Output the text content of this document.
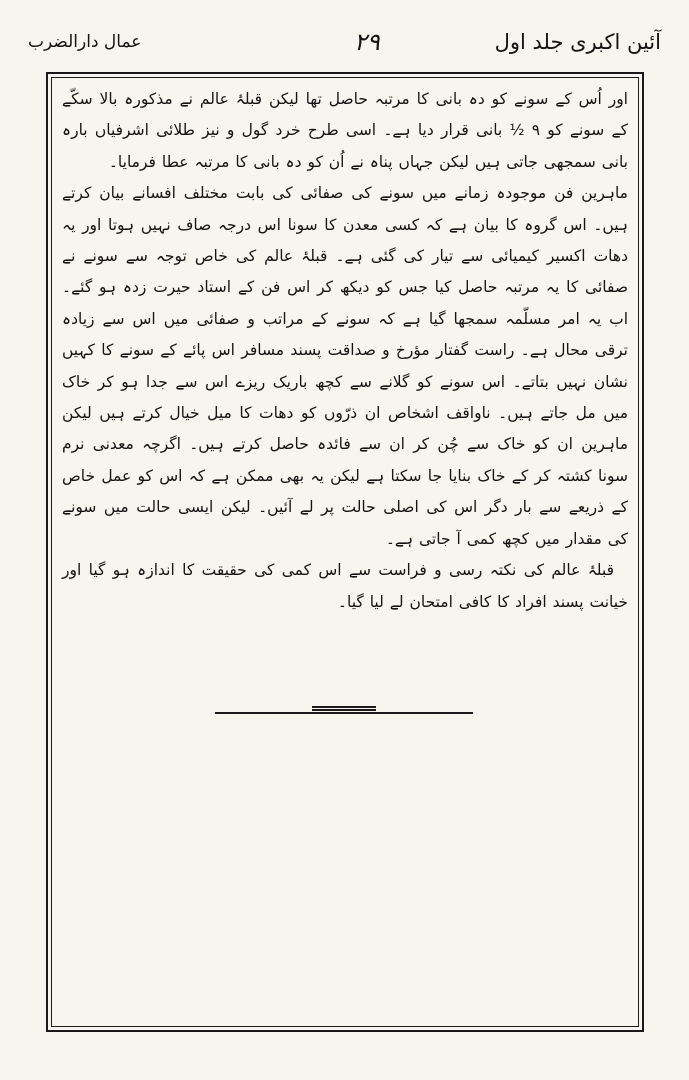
آئین اکبری جلد اول
۲۹
عمال دارالضرب

اور اُس کے سونے کو دہ بانی کا مرتبہ حاصل تھا لیکن قبلۂ عالم نے مذکورہ بالا سکّے کے سونے کو ۹ ½ بانی قرار دیا ہے۔ اسی طرح خرد گول و نیز طلائی اشرفیاں بارہ بانی سمجھی جاتی ہیں لیکن جہاں پناہ نے اُن کو دہ بانی کا مرتبہ عطا فرمایا۔

ماہرین فن موجودہ زمانے میں سونے کی صفائی کی بابت مختلف افسانے بیان کرتے ہیں۔ اس گروہ کا بیان ہے کہ کسی معدن کا سونا اس درجہ صاف نہیں ہوتا اور یہ دھات اکسیر کیمیائی سے تیار کی گئی ہے۔ قبلۂ عالم کی خاص توجہ سے سونے نے صفائی کا یہ مرتبہ حاصل کیا جس کو دیکھ کر اس فن کے استاد حیرت زدہ ہو گئے۔ اب یہ امر مسلّمہ سمجھا گیا ہے کہ سونے کے مراتب و صفائی میں اس سے زیادہ ترقی محال ہے۔ راست گفتار مؤرخ و صداقت پسند مسافر اس پائے کے سونے کا کہیں نشان نہیں بتاتے۔ اس سونے کو گلانے سے کچھ باریک ریزے اس سے جدا ہو کر خاک میں مل جاتے ہیں۔ ناواقف اشخاص ان ذرّوں کو دھات کا میل خیال کرتے ہیں لیکن ماہرین ان کو خاک سے چُن کر ان سے فائدہ حاصل کرتے ہیں۔ اگرچہ معدنی نرم سونا کشتہ کر کے خاک بنایا جا سکتا ہے لیکن یہ بھی ممکن ہے کہ اس کو عمل خاص کے ذریعے سے بار دگر اس کی اصلی حالت پر لے آئیں۔ لیکن ایسی حالت میں سونے کی مقدار میں کچھ کمی آ جاتی ہے۔

قبلۂ عالم کی نکتہ رسی و فراست سے اس کمی کی حقیقت کا اندازہ ہو گیا اور خیانت پسند افراد کا کافی امتحان لے لیا گیا۔
